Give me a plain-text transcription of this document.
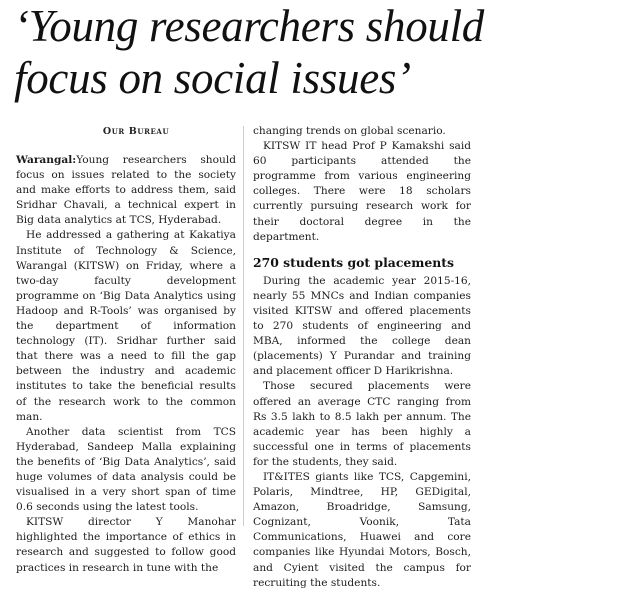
‘Young researchers should
focus on social issues’
Our Bureau

Warangal:Young researchers should focus on issues related to the society and make efforts to address them, said Sridhar Chavali, a technical expert in Big data analytics at TCS, Hyderabad.

He addressed a gathering at Kakatiya Institute of Technology & Science, Warangal (KITSW) on Friday, where a two-day faculty development programme on ‘Big Data Analytics using Hadoop and R-Tools’ was organised by the department of information technology (IT). Sridhar further said that there was a need to fill the gap between the industry and academic institutes to take the beneficial results of the research work to the common man.

Another data scientist from TCS Hyderabad, Sandeep Malla explaining the benefits of ‘Big Data Analytics’, said huge volumes of data analysis could be visualised in a very short span of time 0.6 seconds using the latest tools.

KITSW director Y Manohar highlighted the importance of ethics in research and suggested to follow good practices in research in tune with the

changing trends on global scenario.

KITSW IT head Prof P Kamakshi said 60 participants attended the programme from various engineering colleges. There were 18 scholars currently pursuing research work for their doctoral degree in the department.

270 students got placements

During the academic year 2015-16, nearly 55 MNCs and Indian companies visited KITSW and offered placements to 270 students of engineering and MBA, informed the college dean (placements) Y Purandar and training and placement officer D Harikrishna.

Those secured placements were offered an average CTC ranging from Rs 3.5 lakh to 8.5 lakh per annum. The academic year has been highly a successful one in terms of placements for the students, they said.

IT&ITES giants like TCS, Capgemini, Polaris, Mindtree, HP, GEDigital, Amazon, Broadridge, Samsung, Cognizant, Voonik, Tata Communications, Huawei and core companies like Hyundai Motors, Bosch, and Cyient visited the campus for recruiting the students.
